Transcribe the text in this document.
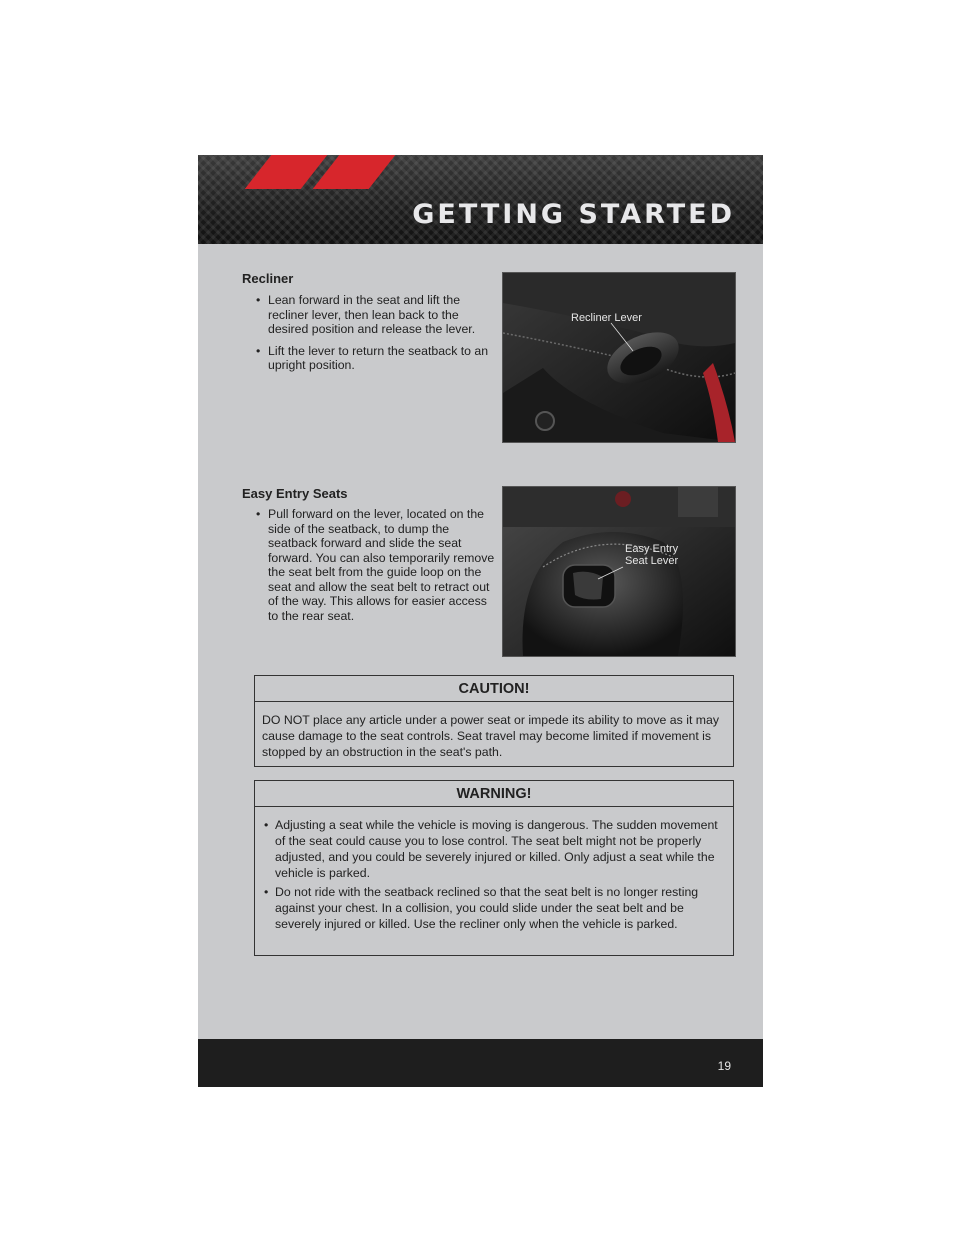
GETTING STARTED
Recliner
• Lean forward in the seat and lift the recliner lever, then lean back to the desired position and release the lever.
• Lift the lever to return the seatback to an upright position.
Recliner Lever
Easy Entry Seats
• Pull forward on the lever, located on the side of the seatback, to dump the seatback forward and slide the seat forward. You can also temporarily remove the seat belt from the guide loop on the seat and allow the seat belt to retract out of the way. This allows for easier access to the rear seat.
Easy Entry
Seat Lever
CAUTION!
DO NOT place any article under a power seat or impede its ability to move as it may cause damage to the seat controls. Seat travel may become limited if movement is stopped by an obstruction in the seat's path.
WARNING!
• Adjusting a seat while the vehicle is moving is dangerous. The sudden movement of the seat could cause you to lose control. The seat belt might not be properly adjusted, and you could be severely injured or killed. Only adjust a seat while the vehicle is parked.
• Do not ride with the seatback reclined so that the seat belt is no longer resting against your chest. In a collision, you could slide under the seat belt and be severely injured or killed. Use the recliner only when the vehicle is parked.
19
